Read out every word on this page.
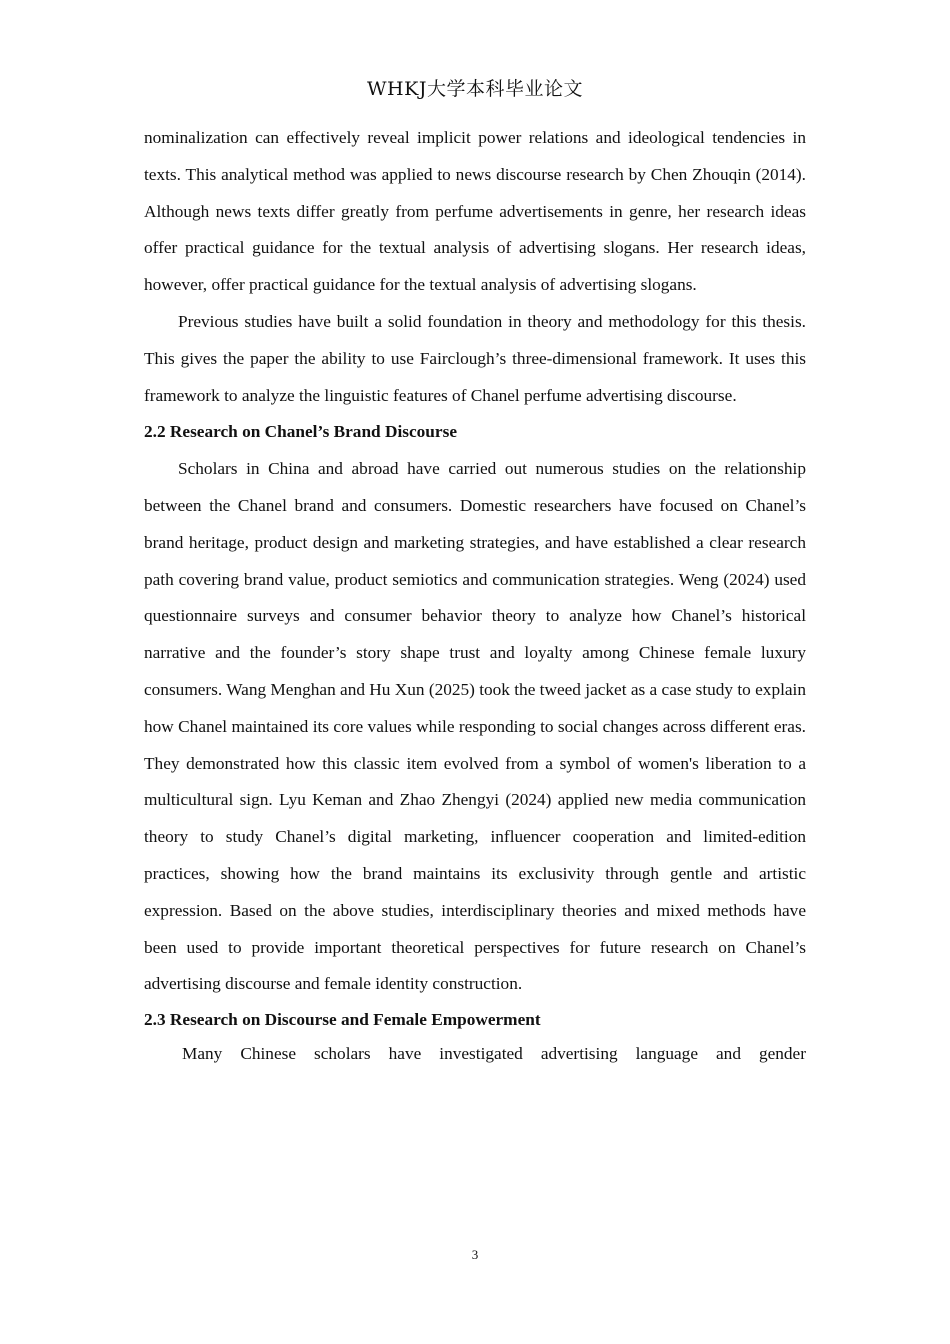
WHKJ大学本科毕业论文

nominalization can effectively reveal implicit power relations and ideological tendencies in texts. This analytical method was applied to news discourse research by Chen Zhouqin (2014). Although news texts differ greatly from perfume advertisements in genre, her research ideas offer practical guidance for the textual analysis of advertising slogans. Her research ideas, however, offer practical guidance for the textual analysis of advertising slogans.

Previous studies have built a solid foundation in theory and methodology for this thesis. This gives the paper the ability to use Fairclough’s three-dimensional framework. It uses this framework to analyze the linguistic features of Chanel perfume advertising discourse.

2.2 Research on Chanel’s Brand Discourse

Scholars in China and abroad have carried out numerous studies on the relationship between the Chanel brand and consumers. Domestic researchers have focused on Chanel’s brand heritage, product design and marketing strategies, and have established a clear research path covering brand value, product semiotics and communication strategies. Weng (2024) used questionnaire surveys and consumer behavior theory to analyze how Chanel’s historical narrative and the founder’s story shape trust and loyalty among Chinese female luxury consumers. Wang Menghan and Hu Xun (2025) took the tweed jacket as a case study to explain how Chanel maintained its core values while responding to social changes across different eras. They demonstrated how this classic item evolved from a symbol of women's liberation to a multicultural sign. Lyu Keman and Zhao Zhengyi (2024) applied new media communication theory to study Chanel’s digital marketing, influencer cooperation and limited-edition practices, showing how the brand maintains its exclusivity through gentle and artistic expression. Based on the above studies, interdisciplinary theories and mixed methods have been used to provide important theoretical perspectives for future research on Chanel’s advertising discourse and female identity construction.

2.3 Research on Discourse and Female Empowerment

Many Chinese scholars have investigated advertising language and gender

3
